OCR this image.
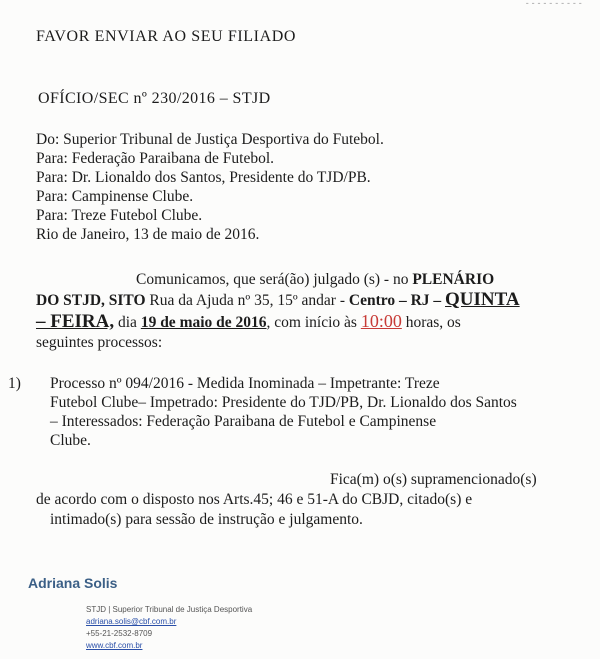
- - - - - - - - - -
FAVOR ENVIAR AO SEU FILIADO
OFÍCIO/SEC nº 230/2016 – STJD
Do: Superior Tribunal de Justiça Desportiva do Futebol.
Para: Federação Paraibana de Futebol.
Para: Dr. Lionaldo dos Santos, Presidente do TJD/PB.
Para: Campinense Clube.
Para: Treze Futebol Clube.
Rio de Janeiro, 13 de maio de 2016.
Comunicamos, que será(ão) julgado (s) - no PLENÁRIO
DO STJD, SITO Rua da Ajuda nº 35, 15º andar - Centro – RJ – QUINTA
– FEIRA, dia 19 de maio de 2016, com início às 10:00 horas, os
seguintes processos:
1) Processo nº 094/2016 - Medida Inominada – Impetrante: Treze
Futebol Clube– Impetrado: Presidente do TJD/PB, Dr. Lionaldo dos Santos
– Interessados: Federação Paraibana de Futebol e Campinense
Clube.
Fica(m) o(s) supramencionado(s)
de acordo com o disposto nos Arts.45; 46 e 51-A do CBJD, citado(s) e
intimado(s) para sessão de instrução e julgamento.
Adriana Solis
STJD | Superior Tribunal de Justiça Desportiva
adriana.solis@cbf.com.br
+55-21-2532-8709
www.cbf.com.br
